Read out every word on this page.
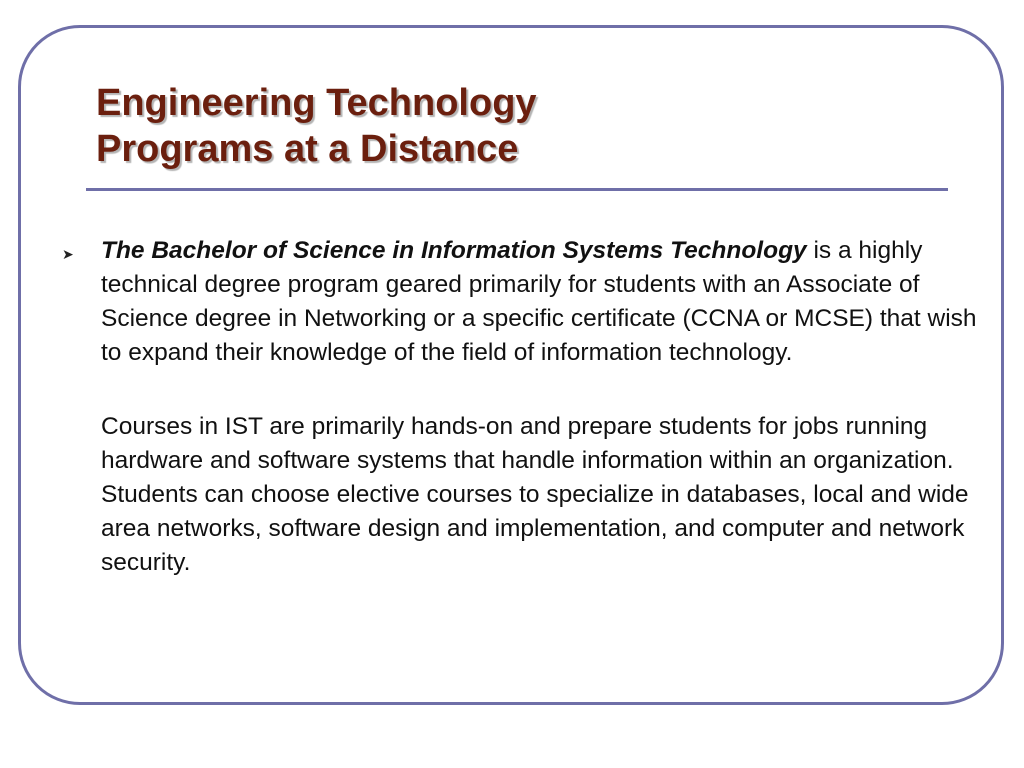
Engineering Technology
Programs at a Distance
➤ The Bachelor of Science in Information Systems Technology is a highly technical degree program geared primarily for students with an Associate of Science degree in Networking or a specific certificate (CCNA or MCSE) that wish to expand their knowledge of the field of information technology.

Courses in IST are primarily hands-on and prepare students for jobs running hardware and software systems that handle information within an organization. Students can choose elective courses to specialize in databases, local and wide area networks, software design and implementation, and computer and network security.
